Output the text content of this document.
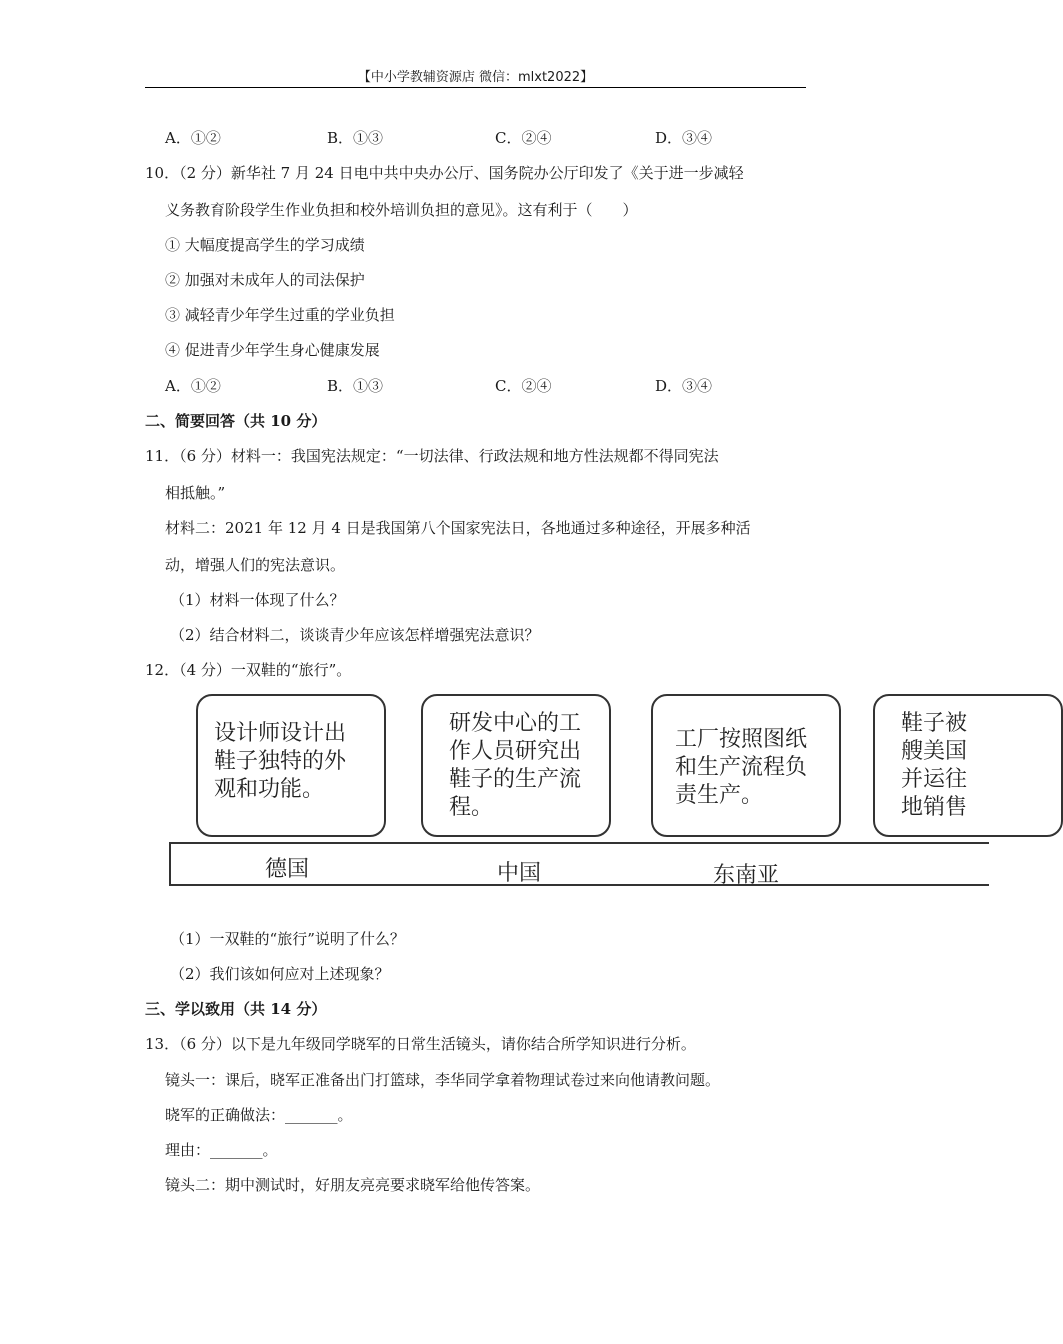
【中小学教辅资源店 微信：mlxt2022】
A．①②	B．①③	C．②④	D．③④
10．（2 分）新华社 7 月 24 日电中共中央办公厅、国务院办公厅印发了《关于进一步减轻
义务教育阶段学生作业负担和校外培训负担的意见》。这有利于（　　）
① 大幅度提高学生的学习成绩
② 加强对未成年人的司法保护
③ 减轻青少年学生过重的学业负担
④ 促进青少年学生身心健康发展
A．①②	B．①③	C．②④	D．③④
二、简要回答（共 10 分）
11．（6 分）材料一：我国宪法规定：“一切法律、行政法规和地方性法规都不得同宪法
相抵触。”
材料二：2021 年 12 月 4 日是我国第八个国家宪法日，各地通过多种途径，开展多种活
动，增强人们的宪法意识。
（1）材料一体现了什么？
（2）结合材料二，谈谈青少年应该怎样增强宪法意识？
12．（4 分）一双鞋的“旅行”。
设计师设计出
鞋子独特的外
观和功能。
研发中心的工
作人员研究出
鞋子的生产流
程。
工厂按照图纸
和生产流程负
责生产。
鞋子被
艘美国
并运往
地销售
德国	中国	东南亚
（1）一双鞋的“旅行”说明了什么？
（2）我们该如何应对上述现象？
三、学以致用（共 14 分）
13．（6 分）以下是九年级同学晓军的日常生活镜头，请你结合所学知识进行分析。
镜头一：课后，晓军正准备出门打篮球，李华同学拿着物理试卷过来向他请教问题。
晓军的正确做法：_______。
理由：_______。
镜头二：期中测试时，好朋友亮亮要求晓军给他传答案。
